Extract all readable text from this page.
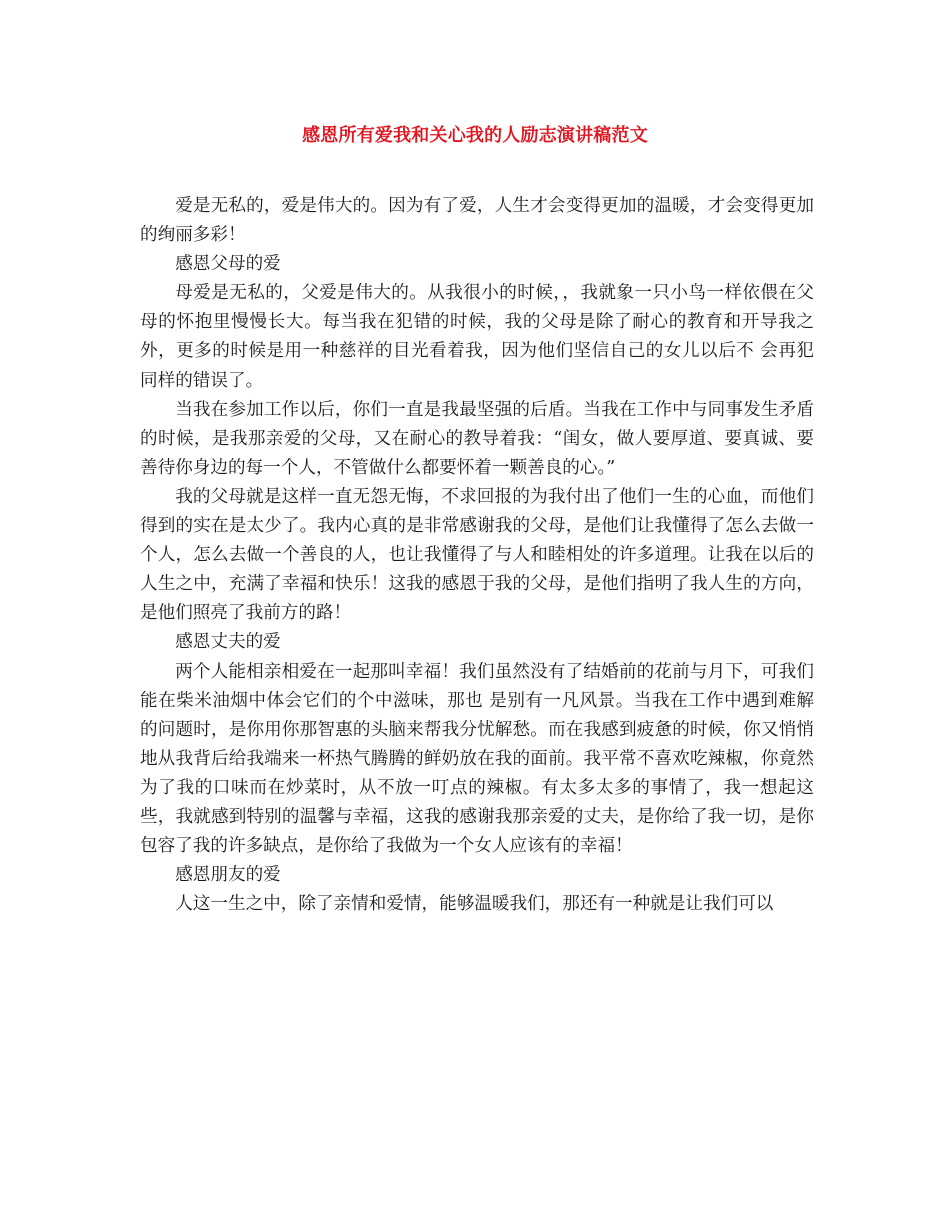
感恩所有爱我和关心我的人励志演讲稿范文

爱是无私的，爱是伟大的。因为有了爱，人生才会变得更加的温暖，才会变得更加的绚丽多彩！

感恩父母的爱

母爱是无私的，父爱是伟大的。从我很小的时候，，我就象一只小鸟一样依偎在父母的怀抱里慢慢长大。每当我在犯错的时候，我的父母是除了耐心的教育和开导我之外，更多的时候是用一种慈祥的目光看着我，因为他们坚信自己的女儿以后不 会再犯同样的错误了。

当我在参加工作以后，你们一直是我最坚强的后盾。当我在工作中与同事发生矛盾的时候，是我那亲爱的父母，又在耐心的教导着我：“闺女，做人要厚道、要真诚、要善待你身边的每一个人，不管做什么都要怀着一颗善良的心。”

我的父母就是这样一直无怨无悔，不求回报的为我付出了他们一生的心血，而他们得到的实在是太少了。我内心真的是非常感谢我的父母，是他们让我懂得了怎么去做一个人，怎么去做一个善良的人，也让我懂得了与人和睦相处的许多道理。让我在以后的人生之中，充满了幸福和快乐！这我的感恩于我的父母，是他们指明了我人生的方向，是他们照亮了我前方的路！

感恩丈夫的爱

两个人能相亲相爱在一起那叫幸福！我们虽然没有了结婚前的花前与月下，可我们能在柴米油烟中体会它们的个中滋味，那也 是别有一凡风景。当我在工作中遇到难解的问题时，是你用你那智惠的头脑来帮我分忧解愁。而在我感到疲惫的时候，你又悄悄地从我背后给我端来一杯热气腾腾的鲜奶放在我的面前。我平常不喜欢吃辣椒，你竟然为了我的口味而在炒菜时，从不放一叮点的辣椒。有太多太多的事情了，我一想起这些，我就感到特别的温馨与幸福，这我的感谢我那亲爱的丈夫，是你给了我一切，是你包容了我的许多缺点，是你给了我做为一个女人应该有的幸福！

感恩朋友的爱

人这一生之中，除了亲情和爱情，能够温暖我们，那还有一种就是让我们可以
